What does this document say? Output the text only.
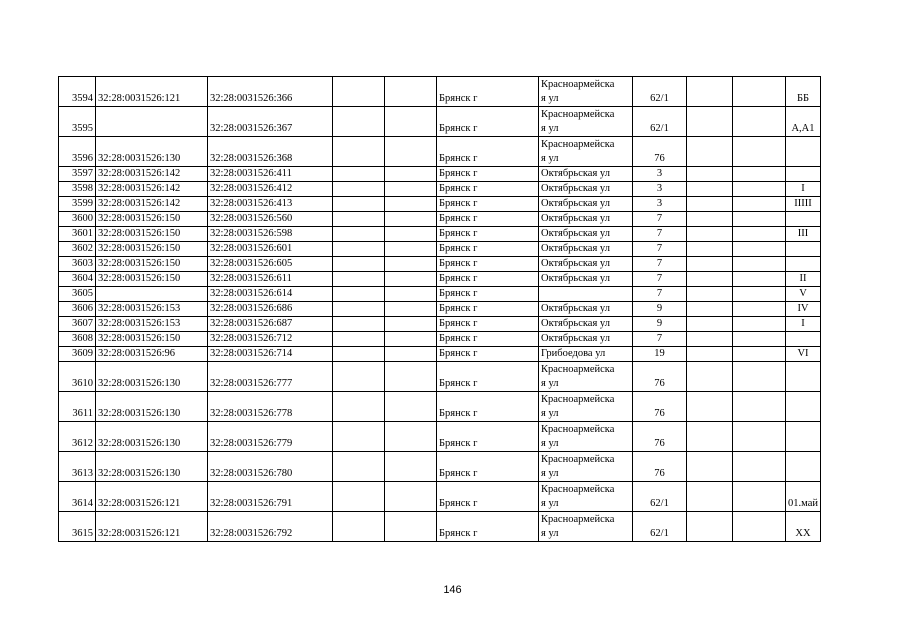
3594	32:28:0031526:121	32:28:0031526:366			Брянск г	Красноармейска
я ул	62/1			ББ
3595		32:28:0031526:367			Брянск г	Красноармейска
я ул	62/1			А,А1
3596	32:28:0031526:130	32:28:0031526:368			Брянск г	Красноармейска
я ул	76			
3597	32:28:0031526:142	32:28:0031526:411			Брянск г	Октябрьская ул	3			
3598	32:28:0031526:142	32:28:0031526:412			Брянск г	Октябрьская ул	3			I
3599	32:28:0031526:142	32:28:0031526:413			Брянск г	Октябрьская ул	3			IIIII
3600	32:28:0031526:150	32:28:0031526:560			Брянск г	Октябрьская ул	7			
3601	32:28:0031526:150	32:28:0031526:598			Брянск г	Октябрьская ул	7			III
3602	32:28:0031526:150	32:28:0031526:601			Брянск г	Октябрьская ул	7			
3603	32:28:0031526:150	32:28:0031526:605			Брянск г	Октябрьская ул	7			
3604	32:28:0031526:150	32:28:0031526:611			Брянск г	Октябрьская ул	7			II
3605		32:28:0031526:614			Брянск г		7			V
3606	32:28:0031526:153	32:28:0031526:686			Брянск г	Октябрьская ул	9			IV
3607	32:28:0031526:153	32:28:0031526:687			Брянск г	Октябрьская ул	9			I
3608	32:28:0031526:150	32:28:0031526:712			Брянск г	Октябрьская ул	7			
3609	32:28:0031526:96	32:28:0031526:714			Брянск г	Грибоедова ул	19			VI
3610	32:28:0031526:130	32:28:0031526:777			Брянск г	Красноармейска
я ул	76			
3611	32:28:0031526:130	32:28:0031526:778			Брянск г	Красноармейска
я ул	76			
3612	32:28:0031526:130	32:28:0031526:779			Брянск г	Красноармейска
я ул	76			
3613	32:28:0031526:130	32:28:0031526:780			Брянск г	Красноармейска
я ул	76			
3614	32:28:0031526:121	32:28:0031526:791			Брянск г	Красноармейска
я ул	62/1			01.май
3615	32:28:0031526:121	32:28:0031526:792			Брянск г	Красноармейска
я ул	62/1			XX
146
